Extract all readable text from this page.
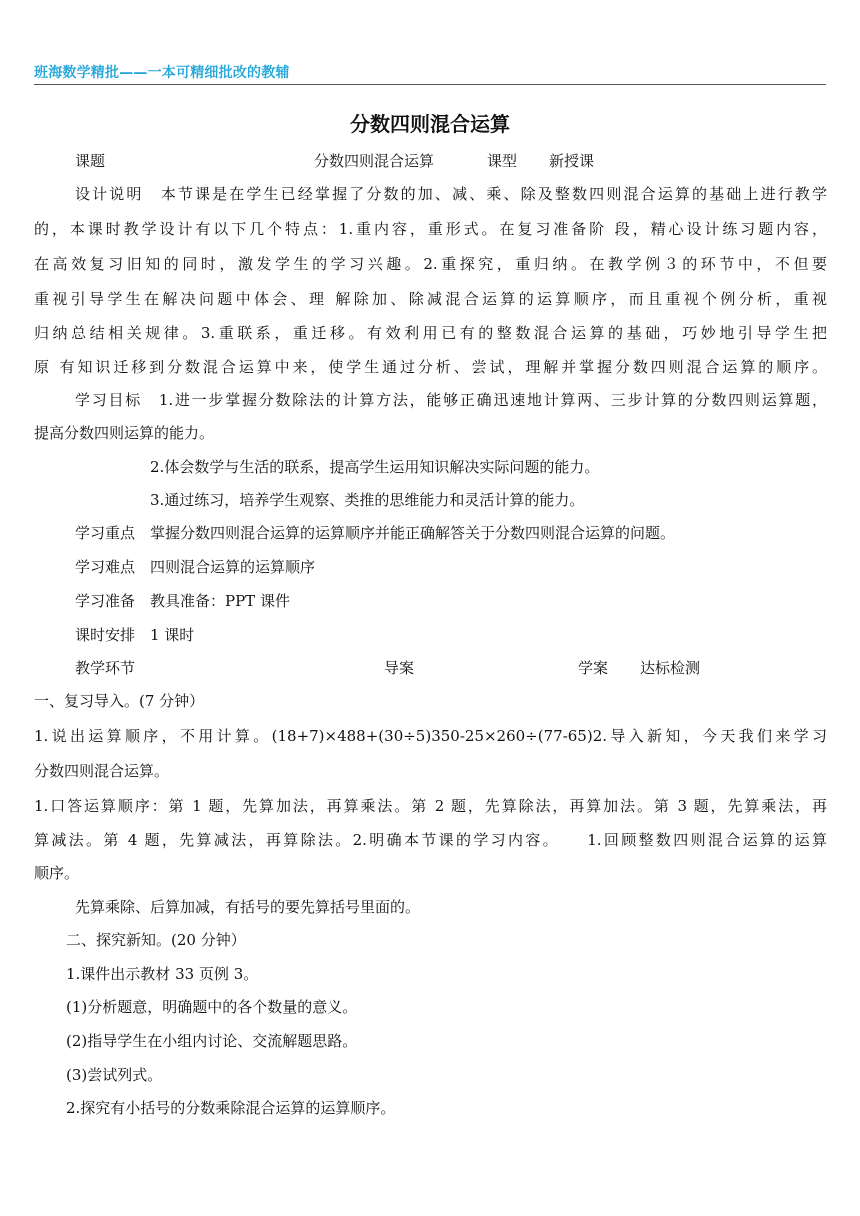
班海数学精批——一本可精细批改的教辅
分数四则混合运算
课题	分数四则混合运算	课型 新授课
设计说明　本节课是在学生已经掌握了分数的加、减、乘、除及整数四则混合运算的基础上进行教学
的，本课时教学设计有以下几个特点：1.重内容，重形式。在复习准备阶 段，精心设计练习题内容，
在高效复习旧知的同时，激发学生的学习兴趣。2.重探究，重归纳。在教学例３的环节中，不但要
重视引导学生在解决问题中体会、理 解除加、除减混合运算的运算顺序，而且重视个例分析，重视
归纳总结相关规律。3.重联系，重迁移。有效利用已有的整数混合运算的基础，巧妙地引导学生把
原 有知识迁移到分数混合运算中来，使学生通过分析、尝试，理解并掌握分数四则混合运算的顺序。
学习目标　1.进一步掌握分数除法的计算方法，能够正确迅速地计算两、三步计算的分数四则运算题，
提高分数四则运算的能力。
2.体会数学与生活的联系，提高学生运用知识解决实际问题的能力。
3.通过练习，培养学生观察、类推的思维能力和灵活计算的能力。
学习重点　掌握分数四则混合运算的运算顺序并能正确解答关于分数四则混合运算的问题。
学习难点　四则混合运算的运算顺序
学习准备　教具准备：PPT 课件
课时安排　1 课时
教学环节	导案	学案 达标检测
一、复习导入。(7 分钟）
1.说出运算顺序，不用计算。(18+7)×488+(30÷5)350-25×260÷(77-65)2.导入新知，今天我们来学习
分数四则混合运算。
1.口答运算顺序：第 1 题，先算加法，再算乘法。第 2 题，先算除法，再算加法。第 3 题，先算乘法，再
算减法。第 4 题，先算减法，再算除法。2.明确本节课的学习内容。　　1.回顾整数四则混合运算的运算
顺序。
先算乘除、后算加减，有括号的要先算括号里面的。
二、探究新知。(20 分钟）
1.课件出示教材 33 页例 3。
(1)分析题意，明确题中的各个数量的意义。
(2)指导学生在小组内讨论、交流解题思路。
(3)尝试列式。
2.探究有小括号的分数乘除混合运算的运算顺序。
